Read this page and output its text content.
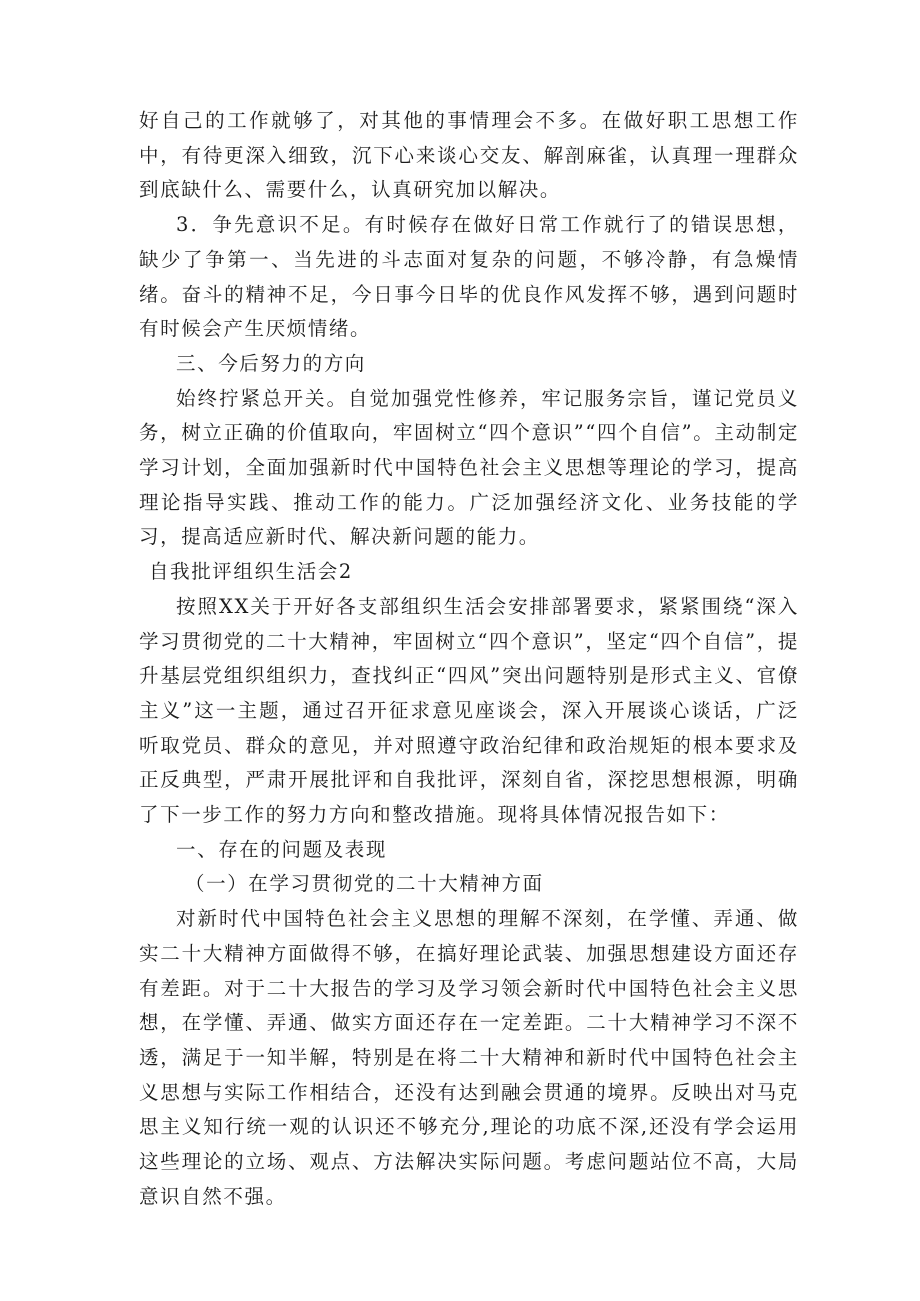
好自己的工作就够了，对其他的事情理会不多。在做好职工思想工作中，有待更深入细致，沉下心来谈心交友、解剖麻雀，认真理一理群众到底缺什么、需要什么，认真研究加以解决。

3．争先意识不足。有时候存在做好日常工作就行了的错误思想，缺少了争第一、当先进的斗志面对复杂的问题，不够冷静，有急燥情绪。奋斗的精神不足，今日事今日毕的优良作风发挥不够，遇到问题时有时候会产生厌烦情绪。

三、今后努力的方向

始终拧紧总开关。自觉加强党性修养，牢记服务宗旨，谨记党员义务，树立正确的价值取向，牢固树立“四个意识”“四个自信”。主动制定学习计划，全面加强新时代中国特色社会主义思想等理论的学习，提高理论指导实践、推动工作的能力。广泛加强经济文化、业务技能的学习，提高适应新时代、解决新问题的能力。

自我批评组织生活会2

按照XX关于开好各支部组织生活会安排部署要求，紧紧围绕“深入学习贯彻党的二十大精神，牢固树立“四个意识”，坚定“四个自信”，提升基层党组织组织力，查找纠正“四风”突出问题特别是形式主义、官僚主义”这一主题，通过召开征求意见座谈会，深入开展谈心谈话，广泛听取党员、群众的意见，并对照遵守政治纪律和政治规矩的根本要求及正反典型，严肃开展批评和自我批评，深刻自省，深挖思想根源，明确了下一步工作的努力方向和整改措施。现将具体情况报告如下：

一、存在的问题及表现

（一）在学习贯彻党的二十大精神方面

对新时代中国特色社会主义思想的理解不深刻，在学懂、弄通、做实二十大精神方面做得不够，在搞好理论武装、加强思想建设方面还存有差距。对于二十大报告的学习及学习领会新时代中国特色社会主义思想，在学懂、弄通、做实方面还存在一定差距。二十大精神学习不深不透，满足于一知半解，特别是在将二十大精神和新时代中国特色社会主义思想与实际工作相结合，还没有达到融会贯通的境界。反映出对马克思主义知行统一观的认识还不够充分,理论的功底不深,还没有学会运用这些理论的立场、观点、方法解决实际问题。考虑问题站位不高，大局意识自然不强。
